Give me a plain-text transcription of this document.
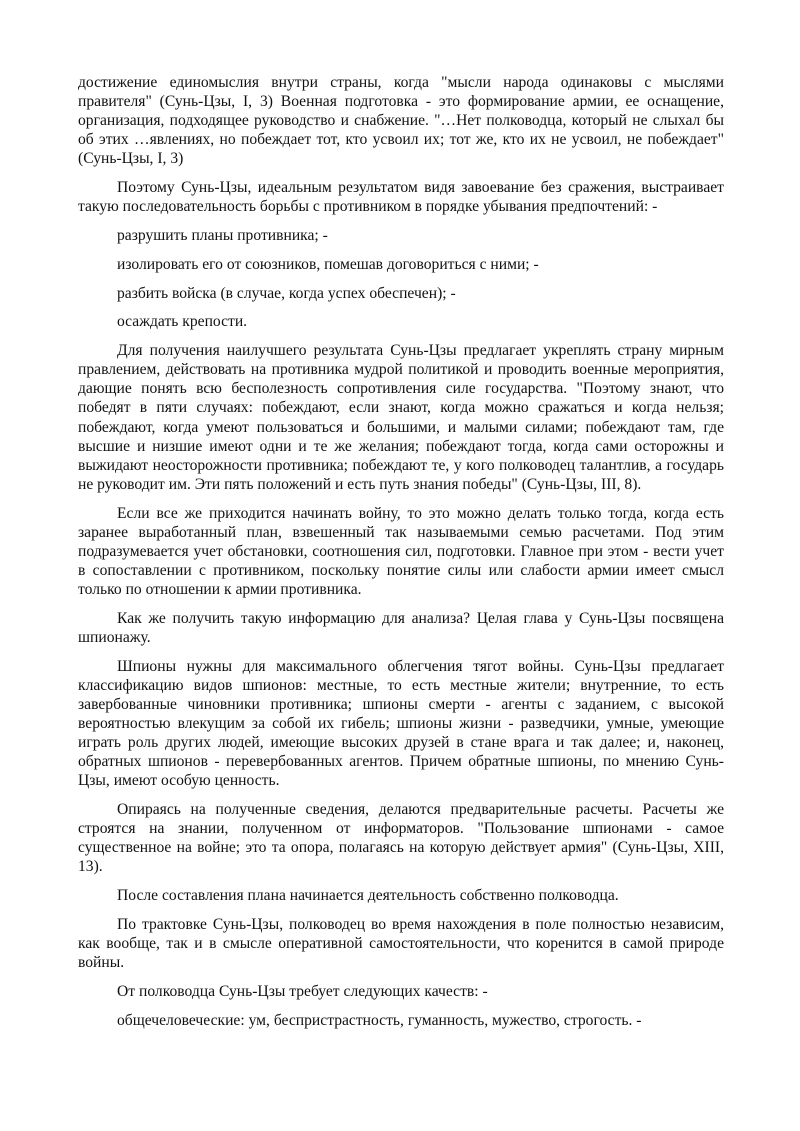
достижение единомыслия внутри страны, когда "мысли народа одинаковы с мыслями правителя" (Сунь-Цзы, I, 3) Военная подготовка - это формирование армии, ее оснащение, организация, подходящее руководство и снабжение. "…Нет полководца, который не слыхал бы об этих …явлениях, но побеждает тот, кто усвоил их; тот же, кто их не усвоил, не побеждает" (Сунь-Цзы, I, 3)

Поэтому Сунь-Цзы, идеальным результатом видя завоевание без сражения, выстраивает такую последовательность борьбы с противником в порядке убывания предпочтений: -

разрушить планы противника; -

изолировать его от союзников, помешав договориться с ними; -

разбить войска (в случае, когда успех обеспечен); -

осаждать крепости.

Для получения наилучшего результата Сунь-Цзы предлагает укреплять страну мирным правлением, действовать на противника мудрой политикой и проводить военные мероприятия, дающие понять всю бесполезность сопротивления силе государства. "Поэтому знают, что победят в пяти случаях: побеждают, если знают, когда можно сражаться и когда нельзя; побеждают, когда умеют пользоваться и большими, и малыми силами; побеждают там, где высшие и низшие имеют одни и те же желания; побеждают тогда, когда сами осторожны и выжидают неосторожности противника; побеждают те, у кого полководец талантлив, а государь не руководит им. Эти пять положений и есть путь знания победы" (Сунь-Цзы, III, 8).

Если все же приходится начинать войну, то это можно делать только тогда, когда есть заранее выработанный план, взвешенный так называемыми семью расчетами. Под этим подразумевается учет обстановки, соотношения сил, подготовки. Главное при этом - вести учет в сопоставлении с противником, поскольку понятие силы или слабости армии имеет смысл только по отношении к армии противника.

Как же получить такую информацию для анализа? Целая глава у Сунь-Цзы посвящена шпионажу.

Шпионы нужны для максимального облегчения тягот войны. Сунь-Цзы предлагает классификацию видов шпионов: местные, то есть местные жители; внутренние, то есть завербованные чиновники противника; шпионы смерти - агенты с заданием, с высокой вероятностью влекущим за собой их гибель; шпионы жизни - разведчики, умные, умеющие играть роль других людей, имеющие высоких друзей в стане врага и так далее; и, наконец, обратных шпионов - перевербованных агентов. Причем обратные шпионы, по мнению Сунь-Цзы, имеют особую ценность.

Опираясь на полученные сведения, делаются предварительные расчеты. Расчеты же строятся на знании, полученном от информаторов. "Пользование шпионами - самое существенное на войне; это та опора, полагаясь на которую действует армия" (Сунь-Цзы, XIII, 13).

После составления плана начинается деятельность собственно полководца.

По трактовке Сунь-Цзы, полководец во время нахождения в поле полностью независим, как вообще, так и в смысле оперативной самостоятельности, что коренится в самой природе войны.

От полководца Сунь-Цзы требует следующих качеств: -

общечеловеческие: ум, беспристрастность, гуманность, мужество, строгость. -
